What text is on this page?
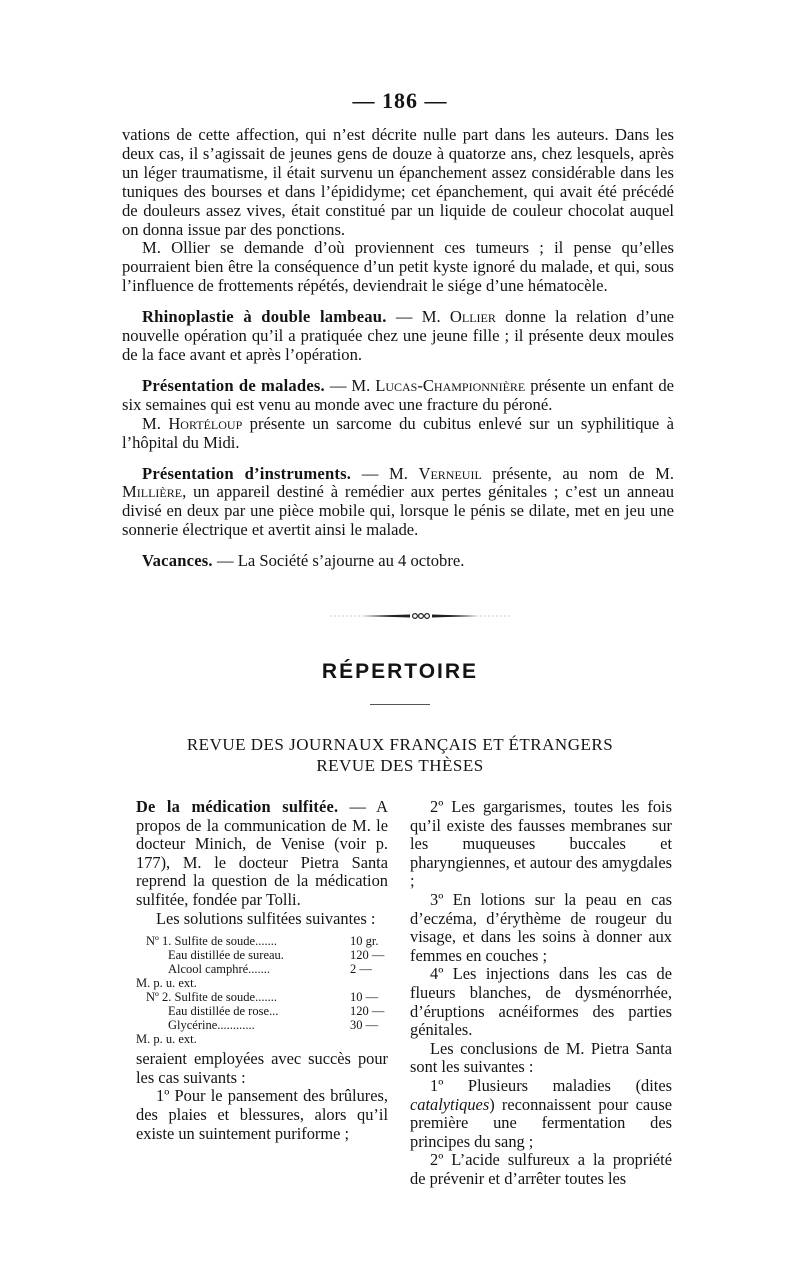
— 186 —

vations de cette affection, qui n’est décrite nulle part dans les auteurs. Dans les deux cas, il s’agissait de jeunes gens de douze à quatorze ans, chez lesquels, après un léger traumatisme, il était survenu un épanchement assez considérable dans les tuniques des bourses et dans l’épididyme; cet épanchement, qui avait été précédé de douleurs assez vives, était constitué par un liquide de couleur chocolat auquel on donna issue par des ponctions.

M. Ollier se demande d’où proviennent ces tumeurs ; il pense qu’elles pourraient bien être la conséquence d’un petit kyste ignoré du malade, et qui, sous l’influence de frottements répétés, deviendrait le siége d’une hématocèle.

Rhinoplastie à double lambeau. — M. Ollier donne la relation d’une nouvelle opération qu’il a pratiquée chez une jeune fille ; il présente deux moules de la face avant et après l’opération.

Présentation de malades. — M. Lucas-Championnière présente un enfant de six semaines qui est venu au monde avec une fracture du péroné.

M. Hortéloup présente un sarcome du cubitus enlevé sur un syphilitique à l’hôpital du Midi.

Présentation d’instruments. — M. Verneuil présente, au nom de M. Millière, un appareil destiné à remédier aux pertes génitales ; c’est un anneau divisé en deux par une pièce mobile qui, lorsque le pénis se dilate, met en jeu une sonnerie électrique et avertit ainsi le malade.

Vacances. — La Société s’ajourne au 4 octobre.

RÉPERTOIRE
REVUE DES JOURNAUX FRANÇAIS ET ÉTRANGERS
REVUE DES THÈSES

De la médication sulfitée. — A propos de la communication de M. le docteur Minich, de Venise (voir p. 177), M. le docteur Pietra Santa reprend la question de la médication sulfitée, fondée par Tolli.

Les solutions sulfitées suivantes :

Nº 1. Sulfite de soude.......	10 gr.
Eau distillée de sureau.	120 —
Alcool camphré.......	2 —
M. p. u. ext.
Nº 2. Sulfite de soude.......	10 —
Eau distillée de rose...	120 —
Glycérine............	30 —
M. p. u. ext.

seraient employées avec succès pour les cas suivants :

1º Pour le pansement des brûlures, des plaies et blessures, alors qu’il existe un suintement puriforme ;

2º Les gargarismes, toutes les fois qu’il existe des fausses membranes sur les muqueuses buccales et pharyngiennes, et autour des amygdales ;

3º En lotions sur la peau en cas d’eczéma, d’érythème de rougeur du visage, et dans les soins à donner aux femmes en couches ;

4º Les injections dans les cas de flueurs blanches, de dysménorrhée, d’éruptions acnéiformes des parties génitales.

Les conclusions de M. Pietra Santa sont les suivantes :

1º Plusieurs maladies (dites catalytiques) reconnaissent pour cause première une fermentation des principes du sang ;

2º L’acide sulfureux a la propriété de prévenir et d’arrêter toutes les
